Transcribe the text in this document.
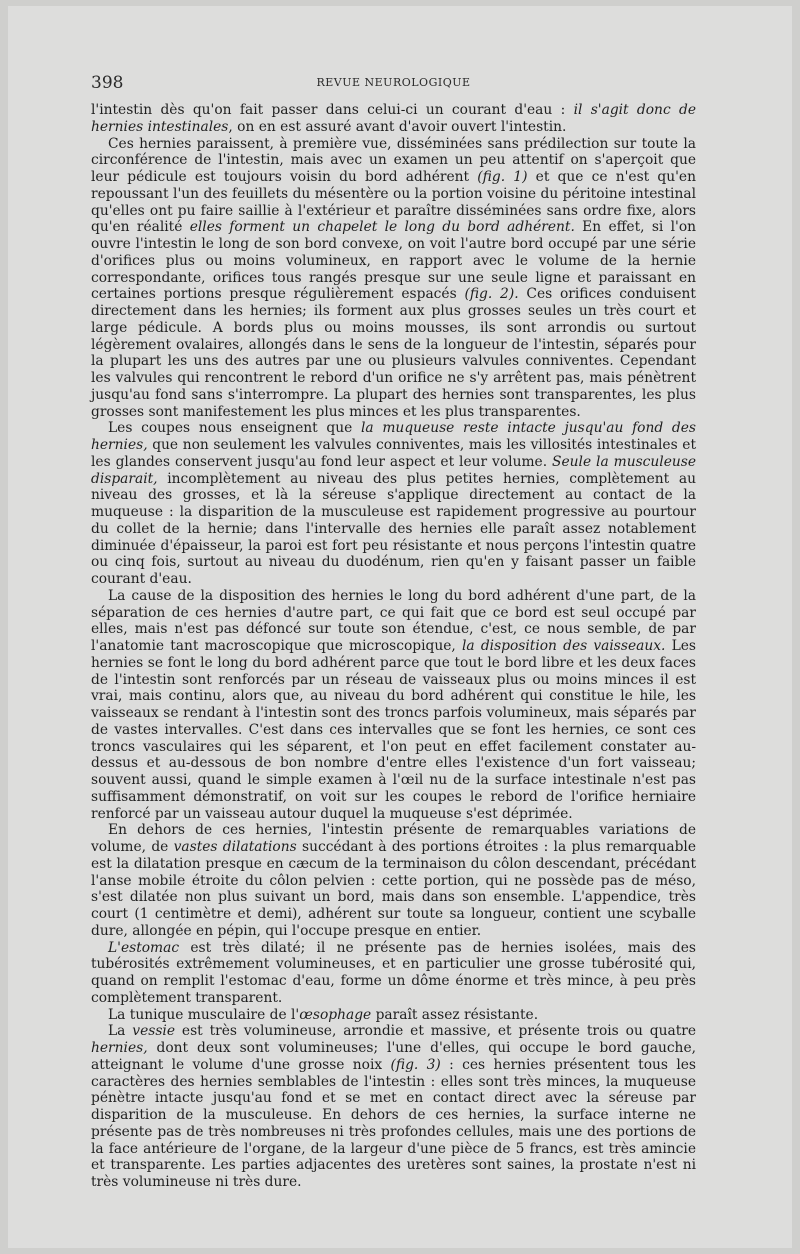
398	REVUE NEUROLOGIQUE

l'intestin dès qu'on fait passer dans celui-ci un courant d'eau : il s'agit donc de hernies intestinales, on en est assuré avant d'avoir ouvert l'intestin.

Ces hernies paraissent, à première vue, disséminées sans prédilection sur toute la circonférence de l'intestin, mais avec un examen un peu attentif on s'aperçoit que leur pédicule est toujours voisin du bord adhérent (fig. 1) et que ce n'est qu'en repoussant l'un des feuillets du mésentère ou la portion voisine du péritoine intestinal qu'elles ont pu faire saillie à l'extérieur et paraître disséminées sans ordre fixe, alors qu'en réalité elles forment un chapelet le long du bord adhérent. En effet, si l'on ouvre l'intestin le long de son bord convexe, on voit l'autre bord occupé par une série d'orifices plus ou moins volumineux, en rapport avec le volume de la hernie correspondante, orifices tous rangés presque sur une seule ligne et paraissant en certaines portions presque régulièrement espacés (fig. 2). Ces orifices conduisent directement dans les hernies; ils forment aux plus grosses seules un très court et large pédicule. A bords plus ou moins mousses, ils sont arrondis ou surtout légèrement ovalaires, allongés dans le sens de la longueur de l'intestin, séparés pour la plupart les uns des autres par une ou plusieurs valvules conniventes. Cependant les valvules qui rencontrent le rebord d'un orifice ne s'y arrêtent pas, mais pénètrent jusqu'au fond sans s'interrompre. La plupart des hernies sont transparentes, les plus grosses sont manifestement les plus minces et les plus transparentes.

Les coupes nous enseignent que la muqueuse reste intacte jusqu'au fond des hernies, que non seulement les valvules conniventes, mais les villosités intestinales et les glandes conservent jusqu'au fond leur aspect et leur volume. Seule la musculeuse disparait, incomplètement au niveau des plus petites hernies, complètement au niveau des grosses, et là la séreuse s'applique directement au contact de la muqueuse : la disparition de la musculeuse est rapidement progressive au pourtour du collet de la hernie; dans l'intervalle des hernies elle paraît assez notablement diminuée d'épaisseur, la paroi est fort peu résistante et nous perçons l'intestin quatre ou cinq fois, surtout au niveau du duodénum, rien qu'en y faisant passer un faible courant d'eau.

La cause de la disposition des hernies le long du bord adhérent d'une part, de la séparation de ces hernies d'autre part, ce qui fait que ce bord est seul occupé par elles, mais n'est pas défoncé sur toute son étendue, c'est, ce nous semble, de par l'anatomie tant macroscopique que microscopique, la disposition des vaisseaux. Les hernies se font le long du bord adhérent parce que tout le bord libre et les deux faces de l'intestin sont renforcés par un réseau de vaisseaux plus ou moins minces il est vrai, mais continu, alors que, au niveau du bord adhérent qui constitue le hile, les vaisseaux se rendant à l'intestin sont des troncs parfois volumineux, mais séparés par de vastes intervalles. C'est dans ces intervalles que se font les hernies, ce sont ces troncs vasculaires qui les séparent, et l'on peut en effet facilement constater au-dessus et au-dessous de bon nombre d'entre elles l'existence d'un fort vaisseau; souvent aussi, quand le simple examen à l'œil nu de la surface intestinale n'est pas suffisamment démonstratif, on voit sur les coupes le rebord de l'orifice herniaire renforcé par un vaisseau autour duquel la muqueuse s'est déprimée.

En dehors de ces hernies, l'intestin présente de remarquables variations de volume, de vastes dilatations succédant à des portions étroites : la plus remarquable est la dilatation presque en cæcum de la terminaison du côlon descendant, précédant l'anse mobile étroite du côlon pelvien : cette portion, qui ne possède pas de méso, s'est dilatée non plus suivant un bord, mais dans son ensemble. L'appendice, très court (1 centimètre et demi), adhérent sur toute sa longueur, contient une scyballe dure, allongée en pépin, qui l'occupe presque en entier.

L'estomac est très dilaté; il ne présente pas de hernies isolées, mais des tubérosités extrêmement volumineuses, et en particulier une grosse tubérosité qui, quand on remplit l'estomac d'eau, forme un dôme énorme et très mince, à peu près complètement transparent.

La tunique musculaire de l'œsophage paraît assez résistante.

La vessie est très volumineuse, arrondie et massive, et présente trois ou quatre hernies, dont deux sont volumineuses; l'une d'elles, qui occupe le bord gauche, atteignant le volume d'une grosse noix (fig. 3) : ces hernies présentent tous les caractères des hernies semblables de l'intestin : elles sont très minces, la muqueuse pénètre intacte jusqu'au fond et se met en contact direct avec la séreuse par disparition de la musculeuse. En dehors de ces hernies, la surface interne ne présente pas de très nombreuses ni très profondes cellules, mais une des portions de la face antérieure de l'organe, de la largeur d'une pièce de 5 francs, est très amincie et transparente. Les parties adjacentes des uretères sont saines, la prostate n'est ni très volumineuse ni très dure.
